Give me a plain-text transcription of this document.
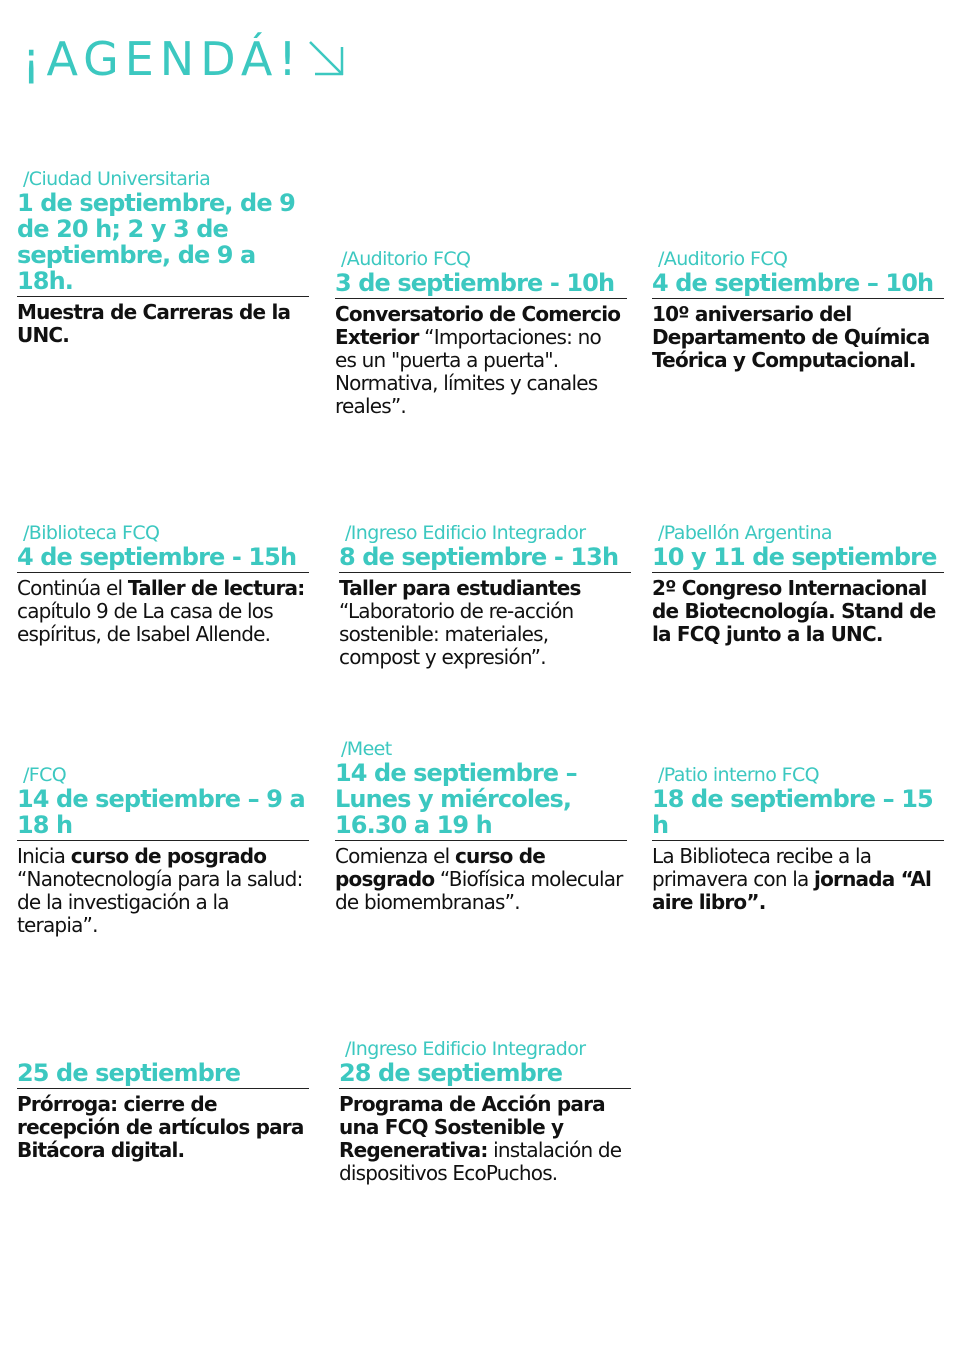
¡AGENDÁ!
/Ciudad Universitaria
1 de septiembre, de 9 de 20 h; 2 y 3 de septiembre, de 9 a 18h.
Muestra de Carreras de la UNC.
/Auditorio FCQ
3 de septiembre - 10h
Conversatorio de Comercio Exterior “Importaciones: no es un "puerta a puerta". Normativa, límites y canales reales”.
/Auditorio FCQ
4 de septiembre – 10h
10º aniversario del Departamento de Química Teórica y Computacional.
/Biblioteca FCQ
4 de septiembre - 15h
Continúa el Taller de lectura: capítulo 9 de La casa de los espíritus, de Isabel Allende.
/Ingreso Edificio Integrador
8 de septiembre - 13h
Taller para estudiantes “Laboratorio de re-acción sostenible: materiales, compost y expresión”.
/Pabellón Argentina
10 y 11 de septiembre
2º Congreso Internacional de Biotecnología. Stand de la FCQ junto a la UNC.
/FCQ
14 de septiembre – 9 a 18 h
Inicia curso de posgrado “Nanotecnología para la salud: de la investigación a la terapia”.
/Meet
14 de septiembre – Lunes y miércoles, 16.30 a 19 h
Comienza el curso de posgrado “Biofísica molecular de biomembranas”.
/Patio interno FCQ
18 de septiembre – 15 h
La Biblioteca recibe a la primavera con la jornada “Al aire libro”.

25 de septiembre
Prórroga: cierre de recepción de artículos para Bitácora digital.
/Ingreso Edificio Integrador
28 de septiembre
Programa de Acción para una FCQ Sostenible y Regenerativa: instalación de dispositivos EcoPuchos.
